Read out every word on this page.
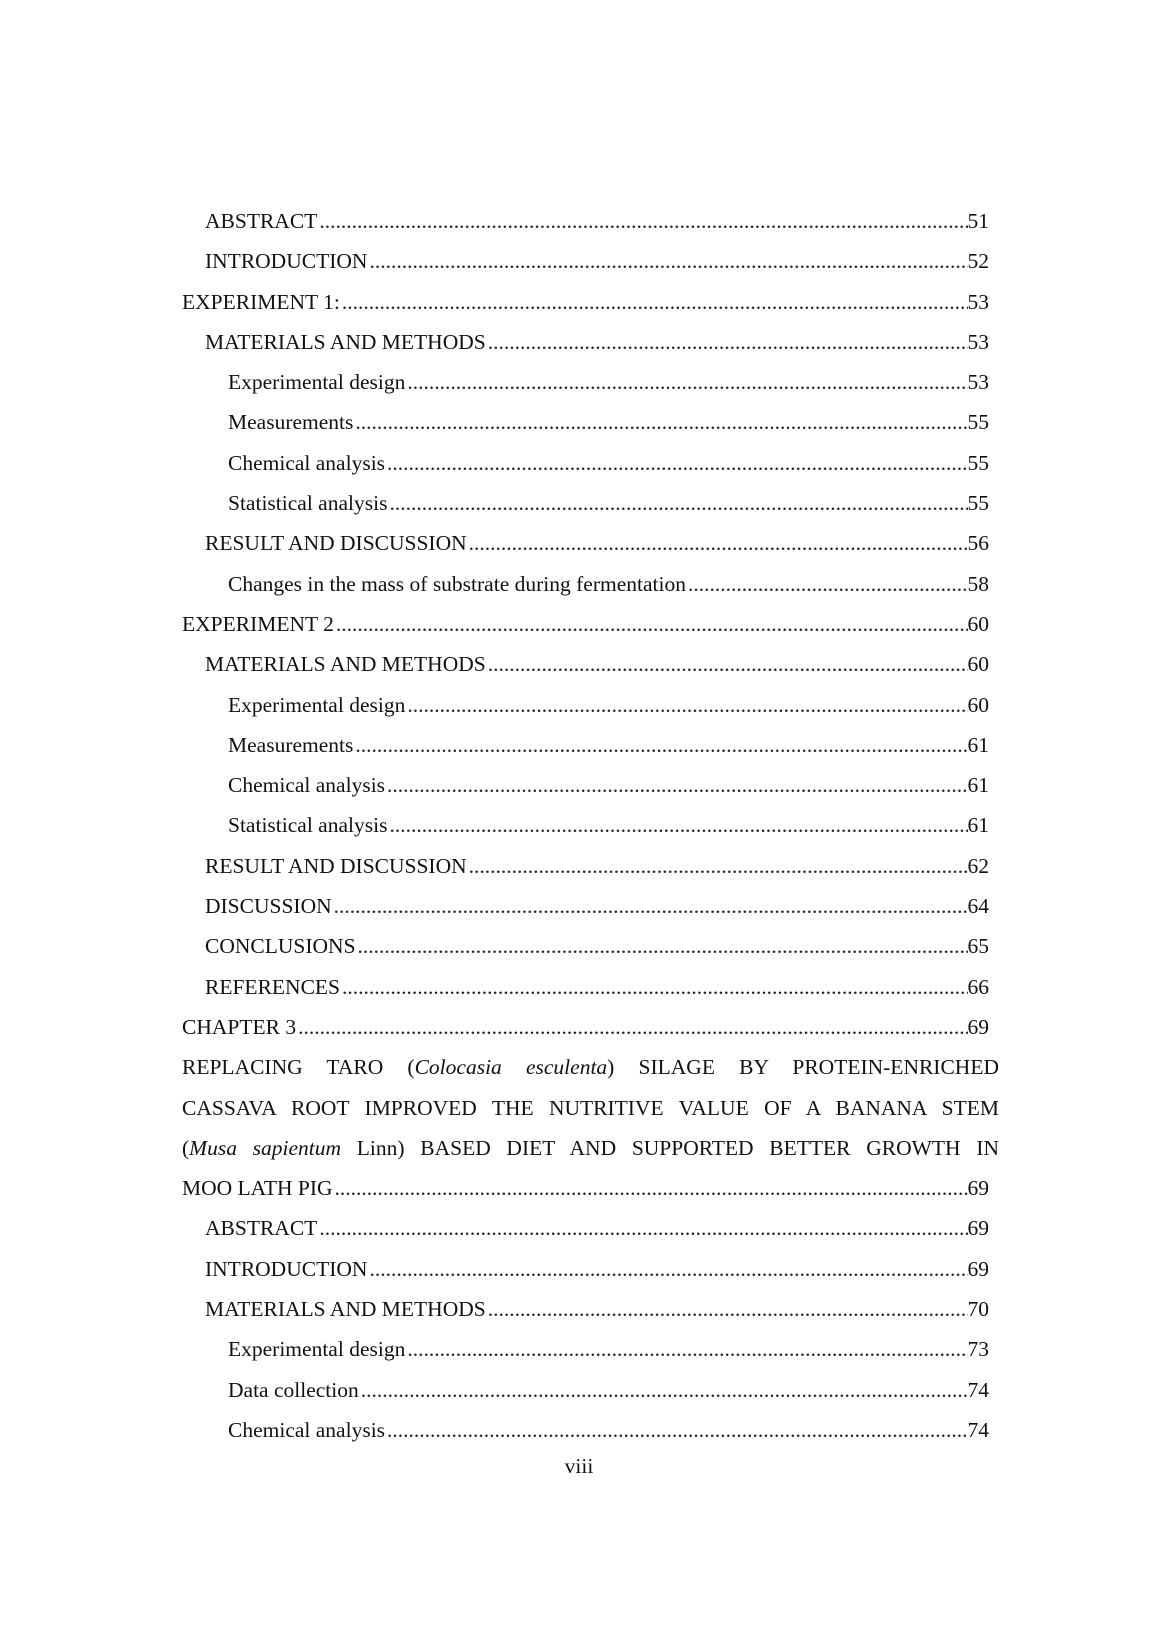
ABSTRACT .....	51
INTRODUCTION .....	52
EXPERIMENT 1: .....	53
MATERIALS AND METHODS .....	53
Experimental design .....	53
Measurements .....	55
Chemical analysis .....	55
Statistical analysis .....	55
RESULT AND DISCUSSION .....	56
Changes in the mass of substrate during fermentation .....	58
EXPERIMENT 2 .....	60
MATERIALS AND METHODS .....	60
Experimental design .....	60
Measurements .....	61
Chemical analysis .....	61
Statistical analysis .....	61
RESULT AND DISCUSSION .....	62
DISCUSSION .....	64
CONCLUSIONS .....	65
REFERENCES .....	66
CHAPTER 3 .....	69
REPLACING TARO (Colocasia esculenta) SILAGE BY PROTEIN-ENRICHED
CASSAVA ROOT IMPROVED THE NUTRITIVE VALUE OF A BANANA STEM
(Musa sapientum Linn) BASED DIET AND SUPPORTED BETTER GROWTH IN
MOO LATH PIG .....	69
ABSTRACT .....	69
INTRODUCTION .....	69
MATERIALS AND METHODS .....	70
Experimental design .....	73
Data collection .....	74
Chemical analysis .....	74
viii
